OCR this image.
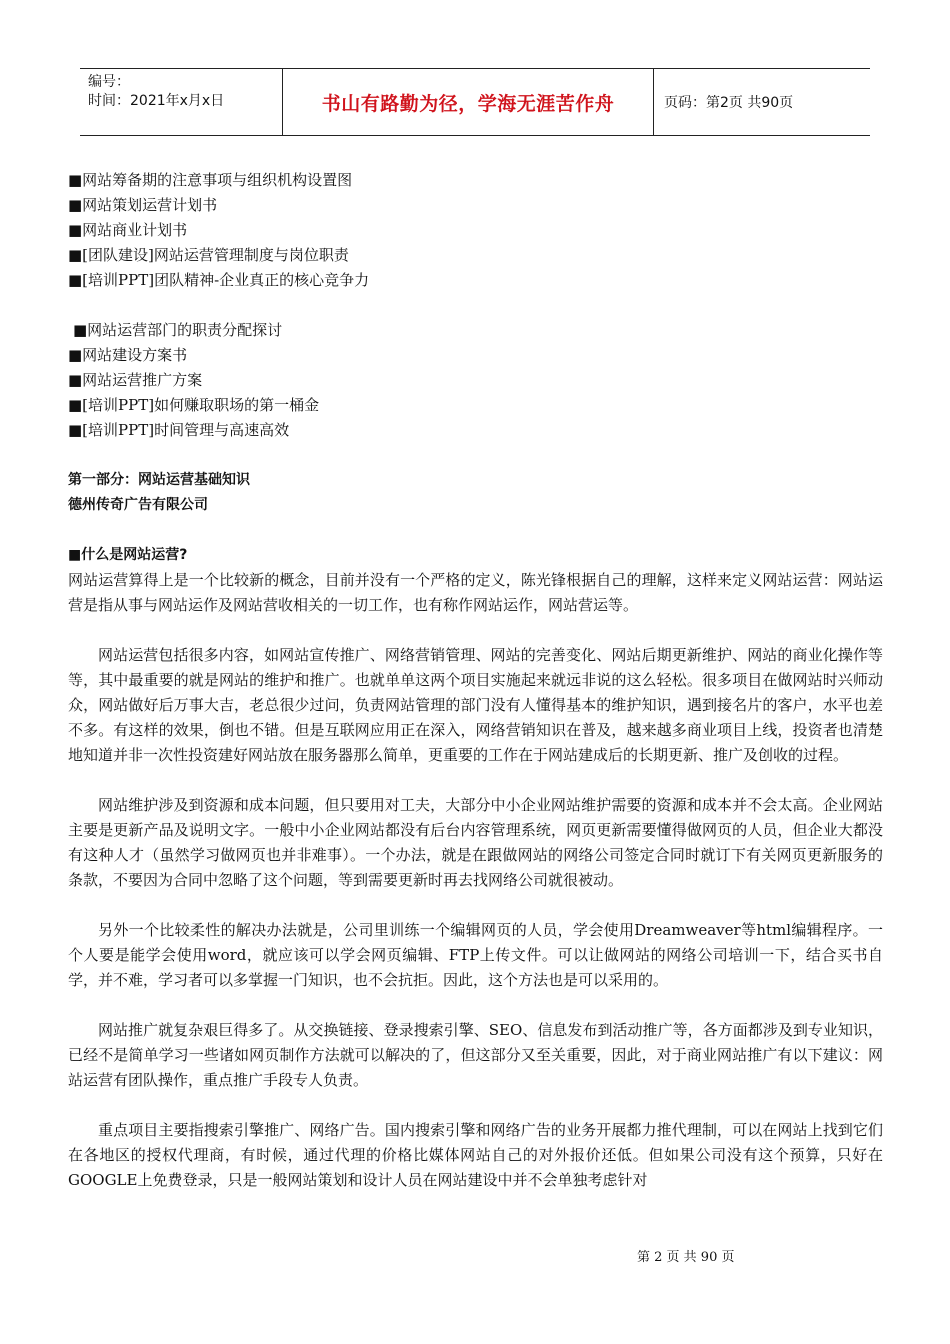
编号：
时间：2021年x月x日	书山有路勤为径，学海无涯苦作舟	页码：第2页 共90页
■网站筹备期的注意事项与组织机构设置图
■网站策划运营计划书
■网站商业计划书
■[团队建设]网站运营管理制度与岗位职责
■[培训PPT]团队精神-企业真正的核心竞争力
■网站运营部门的职责分配探讨
■网站建设方案书
■网站运营推广方案
■[培训PPT]如何赚取职场的第一桶金
■[培训PPT]时间管理与高速高效
第一部分：网站运营基础知识
德州传奇广告有限公司
■什么是网站运营?

网站运营算得上是一个比较新的概念，目前并没有一个严格的定义，陈光锋根据自己的理解，这样来定义网站运营：网站运营是指从事与网站运作及网站营收相关的一切工作，也有称作网站运作，网站营运等。

网站运营包括很多内容，如网站宣传推广、网络营销管理、网站的完善变化、网站后期更新维护、网站的商业化操作等等，其中最重要的就是网站的维护和推广。也就单单这两个项目实施起来就远非说的这么轻松。很多项目在做网站时兴师动众，网站做好后万事大吉，老总很少过问，负责网站管理的部门没有人懂得基本的维护知识，遇到接名片的客户，水平也差不多。有这样的效果，倒也不错。但是互联网应用正在深入，网络营销知识在普及，越来越多商业项目上线，投资者也清楚地知道并非一次性投资建好网站放在服务器那么简单，更重要的工作在于网站建成后的长期更新、推广及创收的过程。

网站维护涉及到资源和成本问题，但只要用对工夫，大部分中小企业网站维护需要的资源和成本并不会太高。企业网站主要是更新产品及说明文字。一般中小企业网站都没有后台内容管理系统，网页更新需要懂得做网页的人员，但企业大都没有这种人才（虽然学习做网页也并非难事）。一个办法，就是在跟做网站的网络公司签定合同时就订下有关网页更新服务的条款，不要因为合同中忽略了这个问题，等到需要更新时再去找网络公司就很被动。

另外一个比较柔性的解决办法就是，公司里训练一个编辑网页的人员，学会使用Dreamweaver等html编辑程序。一个人要是能学会使用word，就应该可以学会网页编辑、FTP上传文件。可以让做网站的网络公司培训一下，结合买书自学，并不难，学习者可以多掌握一门知识，也不会抗拒。因此，这个方法也是可以采用的。

网站推广就复杂艰巨得多了。从交换链接、登录搜索引擎、SEO、信息发布到活动推广等，各方面都涉及到专业知识，已经不是简单学习一些诸如网页制作方法就可以解决的了，但这部分又至关重要，因此，对于商业网站推广有以下建议：网站运营有团队操作，重点推广手段专人负责。

重点项目主要指搜索引擎推广、网络广告。国内搜索引擎和网络广告的业务开展都力推代理制，可以在网站上找到它们在各地区的授权代理商，有时候，通过代理的价格比媒体网站自己的对外报价还低。但如果公司没有这个预算，只好在GOOGLE上免费登录，只是一般网站策划和设计人员在网站建设中并不会单独考虑针对

第 2 页 共 90 页
